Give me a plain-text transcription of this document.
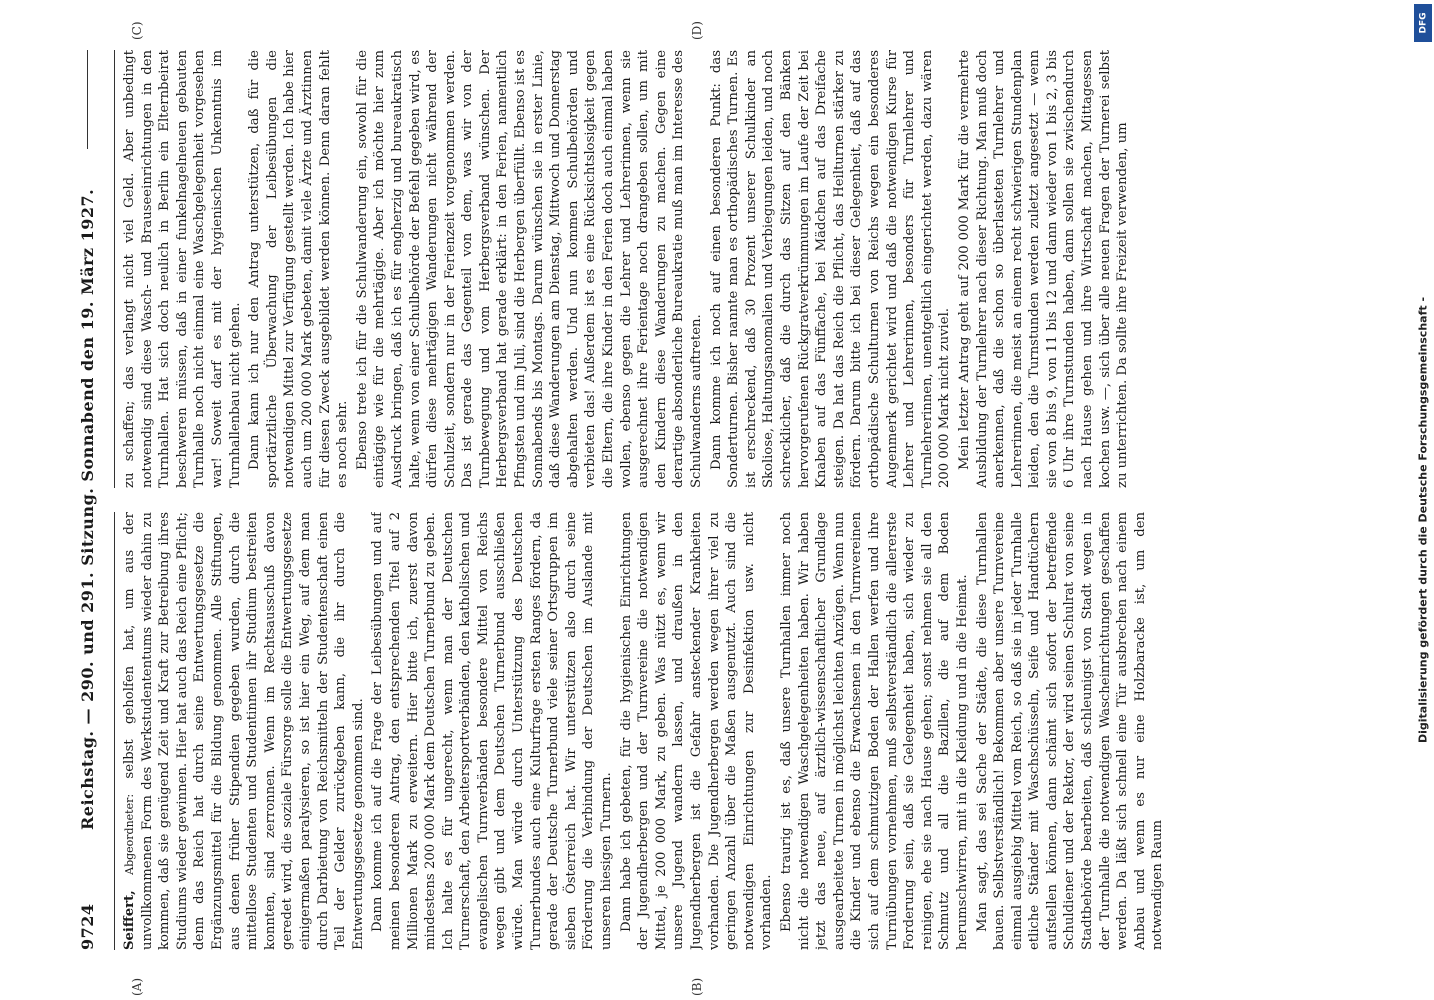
9724
Reichstag. — 290. und 291. Sitzung. Sonnabend den 19. März 1927.
(A)	(B)
(C)	(D)

Seiffert, Abgeordneter: selbst geholfen hat, um aus der unvollkommenen Form des Werkstudententums wieder dahin zu kommen, daß sie genügend Zeit und Kraft zur Betreibung ihres Studiums wieder gewinnen. Hier hat auch das Reich eine Pflicht; denn das Reich hat durch seine Entwertungsgesetze die Ergänzungsmittel für die Bildung genommen. Alle Stiftungen, aus denen früher Stipendien gegeben wurden, durch die mittellose Studenten und Studentinnen ihr Studium bestreiten konnten, sind zerronnen. Wenn im Rechtsausschuß davon geredet wird, die soziale Fürsorge solle die Entwertungsgesetze einigermaßen paralysieren, so ist hier ein Weg, auf dem man durch Darbietung von Reichsmitteln der Studentenschaft einen Teil der Gelder zurückgeben kann, die ihr durch die Entwertungsgesetze genommen sind. Dann komme ich auf die Frage der Leibesübungen und auf meinen besonderen Antrag, den entsprechenden Titel auf 2 Millionen Mark zu erweitern. Hier bitte ich, zuerst davon mindestens 200 000 Mark dem Deutschen Turnerbund zu geben. Ich halte es für ungerecht, wenn man der Deutschen Turnerschaft, den Arbeitersportverbänden, den katholischen und evangelischen Turnverbänden besondere Mittel von Reichs wegen gibt und dem Deutschen Turnerbund ausschließen würde. Man würde durch Unterstützung des Deutschen Turnerbundes auch eine Kulturfrage ersten Ranges fördern, da gerade der Deutsche Turnerbund viele seiner Ortsgruppen im sieben Österreich hat. Wir unterstützen also durch seine Förderung die Verbindung der Deutschen im Auslande mit unseren hiesigen Turnern. Dann habe ich gebeten, für die hygienischen Einrichtungen der Jugendherbergen und der Turnvereine die notwendigen Mittel, je 200 000 Mark, zu geben. Was nützt es, wenn wir unsere Jugend wandern lassen, und draußen in den Jugendherbergen ist die Gefahr ansteckender Krankheiten vorhanden. Die Jugendherbergen werden wegen ihrer viel zu geringen Anzahl über die Maßen ausgenutzt. Auch sind die notwendigen Einrichtungen zur Desinfektion usw. nicht vorhanden. Ebenso traurig ist es, daß unsere Turnhallen immer noch nicht die notwendigen Waschgelegenheiten haben. Wir haben jetzt das neue, auf ärztlich-wissenschaftlicher Grundlage ausgearbeitete Turnen in möglichst leichten Anzügen. Wenn nun die Kinder und ebenso die Erwachsenen in den Turnvereinen sich auf dem schmutzigen Boden der Hallen werfen und ihre Turnübungen vornehmen, muß selbstverständlich die allererste Forderung sein, daß sie Gelegenheit haben, sich wieder zu reinigen, ehe sie nach Hause gehen; sonst nehmen sie all den Schmutz und all die Bazillen, die auf dem Boden herumschwirren, mit in die Kleidung und in die Heimat. Man sagt, das sei Sache der Städte, die diese Turnhallen bauen. Selbstverständlich! Bekommen aber unsere Turnvereine einmal ausgiebig Mittel vom Reich, so daß sie in jeder Turnhalle etliche Ständer mit Waschschüsseln, Seife und Handtüchern aufstellen können, dann schämt sich sofort der betreffende Schuldiener und der Rektor, der wird seinen Schulrat von seine Stadtbehörde bearbeiten, daß schleunigst von Stadt wegen in der Turnhalle die notwendigen Wascheinrichtungen geschaffen werden. Da läßt sich schnell eine Tür ausbrechen nach einem Anbau und wenn es nur eine Holzbaracke ist, um den notwendigen Raum

zu schaffen; das verlangt nicht viel Geld. Aber unbedingt notwendig sind diese Wasch- und Brauseeinrichtungen in den Turnhallen. Hat sich doch neulich in Berlin ein Elternbeirat beschweren müssen, daß in einer funkelnagelneuen gebauten Turnhalle noch nicht einmal eine Waschgelegenheit vorgesehen war! Soweit darf es mit der hygienischen Unkenntnis im Turnhallenbau nicht gehen. Dann kann ich nur den Antrag unterstützen, daß für die sportärztliche Überwachung der Leibesübungen die notwendigen Mittel zur Verfügung gestellt werden. Ich habe hier auch um 200 000 Mark gebeten, damit viele Ärzte und Ärztinnen für diesen Zweck ausgebildet werden können. Denn daran fehlt es noch sehr. Ebenso trete ich für die Schulwanderung ein, sowohl für die eintägige wie für die mehrtägige. Aber ich möchte hier zum Ausdruck bringen, daß ich es für engherzig und bureaukratisch halte, wenn von einer Schulbehörde der Befehl gegeben wird, es dürfen diese mehrtägigen Wanderungen nicht während der Schulzeit, sondern nur in der Ferienzeit vorgenommen werden. Das ist gerade das Gegenteil von dem, was wir von der Turnbewegung und vom Herbergsverband wünschen. Der Herbergsverband hat gerade erklärt: in den Ferien, namentlich Pfingsten und im Juli, sind die Herbergen überfüllt. Ebenso ist es Sonnabends bis Montags. Darum wünschen sie in erster Linie, daß diese Wanderungen am Dienstag, Mittwoch und Donnerstag abgehalten werden. Und nun kommen Schulbehörden und verbieten das! Außerdem ist es eine Rücksichtslosigkeit gegen die Eltern, die ihre Kinder in den Ferien doch auch einmal haben wollen, ebenso gegen die Lehrer und Lehrerinnen, wenn sie ausgerechnet ihre Ferientage noch drangeben sollen, um mit den Kindern diese Wanderungen zu machen. Gegen eine derartige absonderliche Bureaukratie muß man im Interesse des Schulwanderns auftreten. Dann komme ich noch auf einen besonderen Punkt: das Sonderturnen. Bisher nannte man es orthopädisches Turnen. Es ist erschreckend, daß 30 Prozent unserer Schulkinder an Skoliose, Haltungsanomalien und Verbiegungen leiden, und noch schrecklicher, daß die durch das Sitzen auf den Bänken hervorgerufenen Rückgratverkrümmungen im Laufe der Zeit bei Knaben auf das Fünffache, bei Mädchen auf das Dreifache steigen. Da hat das Reich die Pflicht, das Heilturnen stärker zu fördern. Darum bitte ich bei dieser Gelegenheit, daß auf das orthopädische Schulturnen von Reichs wegen ein besonderes Augenmerk gerichtet wird und daß die notwendigen Kurse für Lehrer und Lehrerinnen, besonders für Turnlehrer und Turnlehrerinnen, unentgeltlich eingerichtet werden, dazu wären 200 000 Mark nicht zuviel. Mein letzter Antrag geht auf 200 000 Mark für die vermehrte Ausbildung der Turnlehrer nach dieser Richtung. Man muß doch anerkennen, daß die schon so überlasteten Turnlehrer und Lehrerinnen, die meist an einem recht schwierigen Stundenplan leiden, den die Turnstunden werden zuletzt angesetzt — wenn sie von 8 bis 9, von 11 bis 12 und dann wieder von 1 bis 2, 3 bis 6 Uhr ihre Turnstunden haben, dann sollen sie zwischendurch nach Hause gehen und ihre Wirtschaft machen, Mittagessen kochen usw. —, sich über alle neuen Fragen der Turnerei selbst zu unterrichten. Da sollte ihre Freizeit verwenden, um

DFG
Digitalisierung gefördert durch die Deutsche Forschungsgemeinschaft -
